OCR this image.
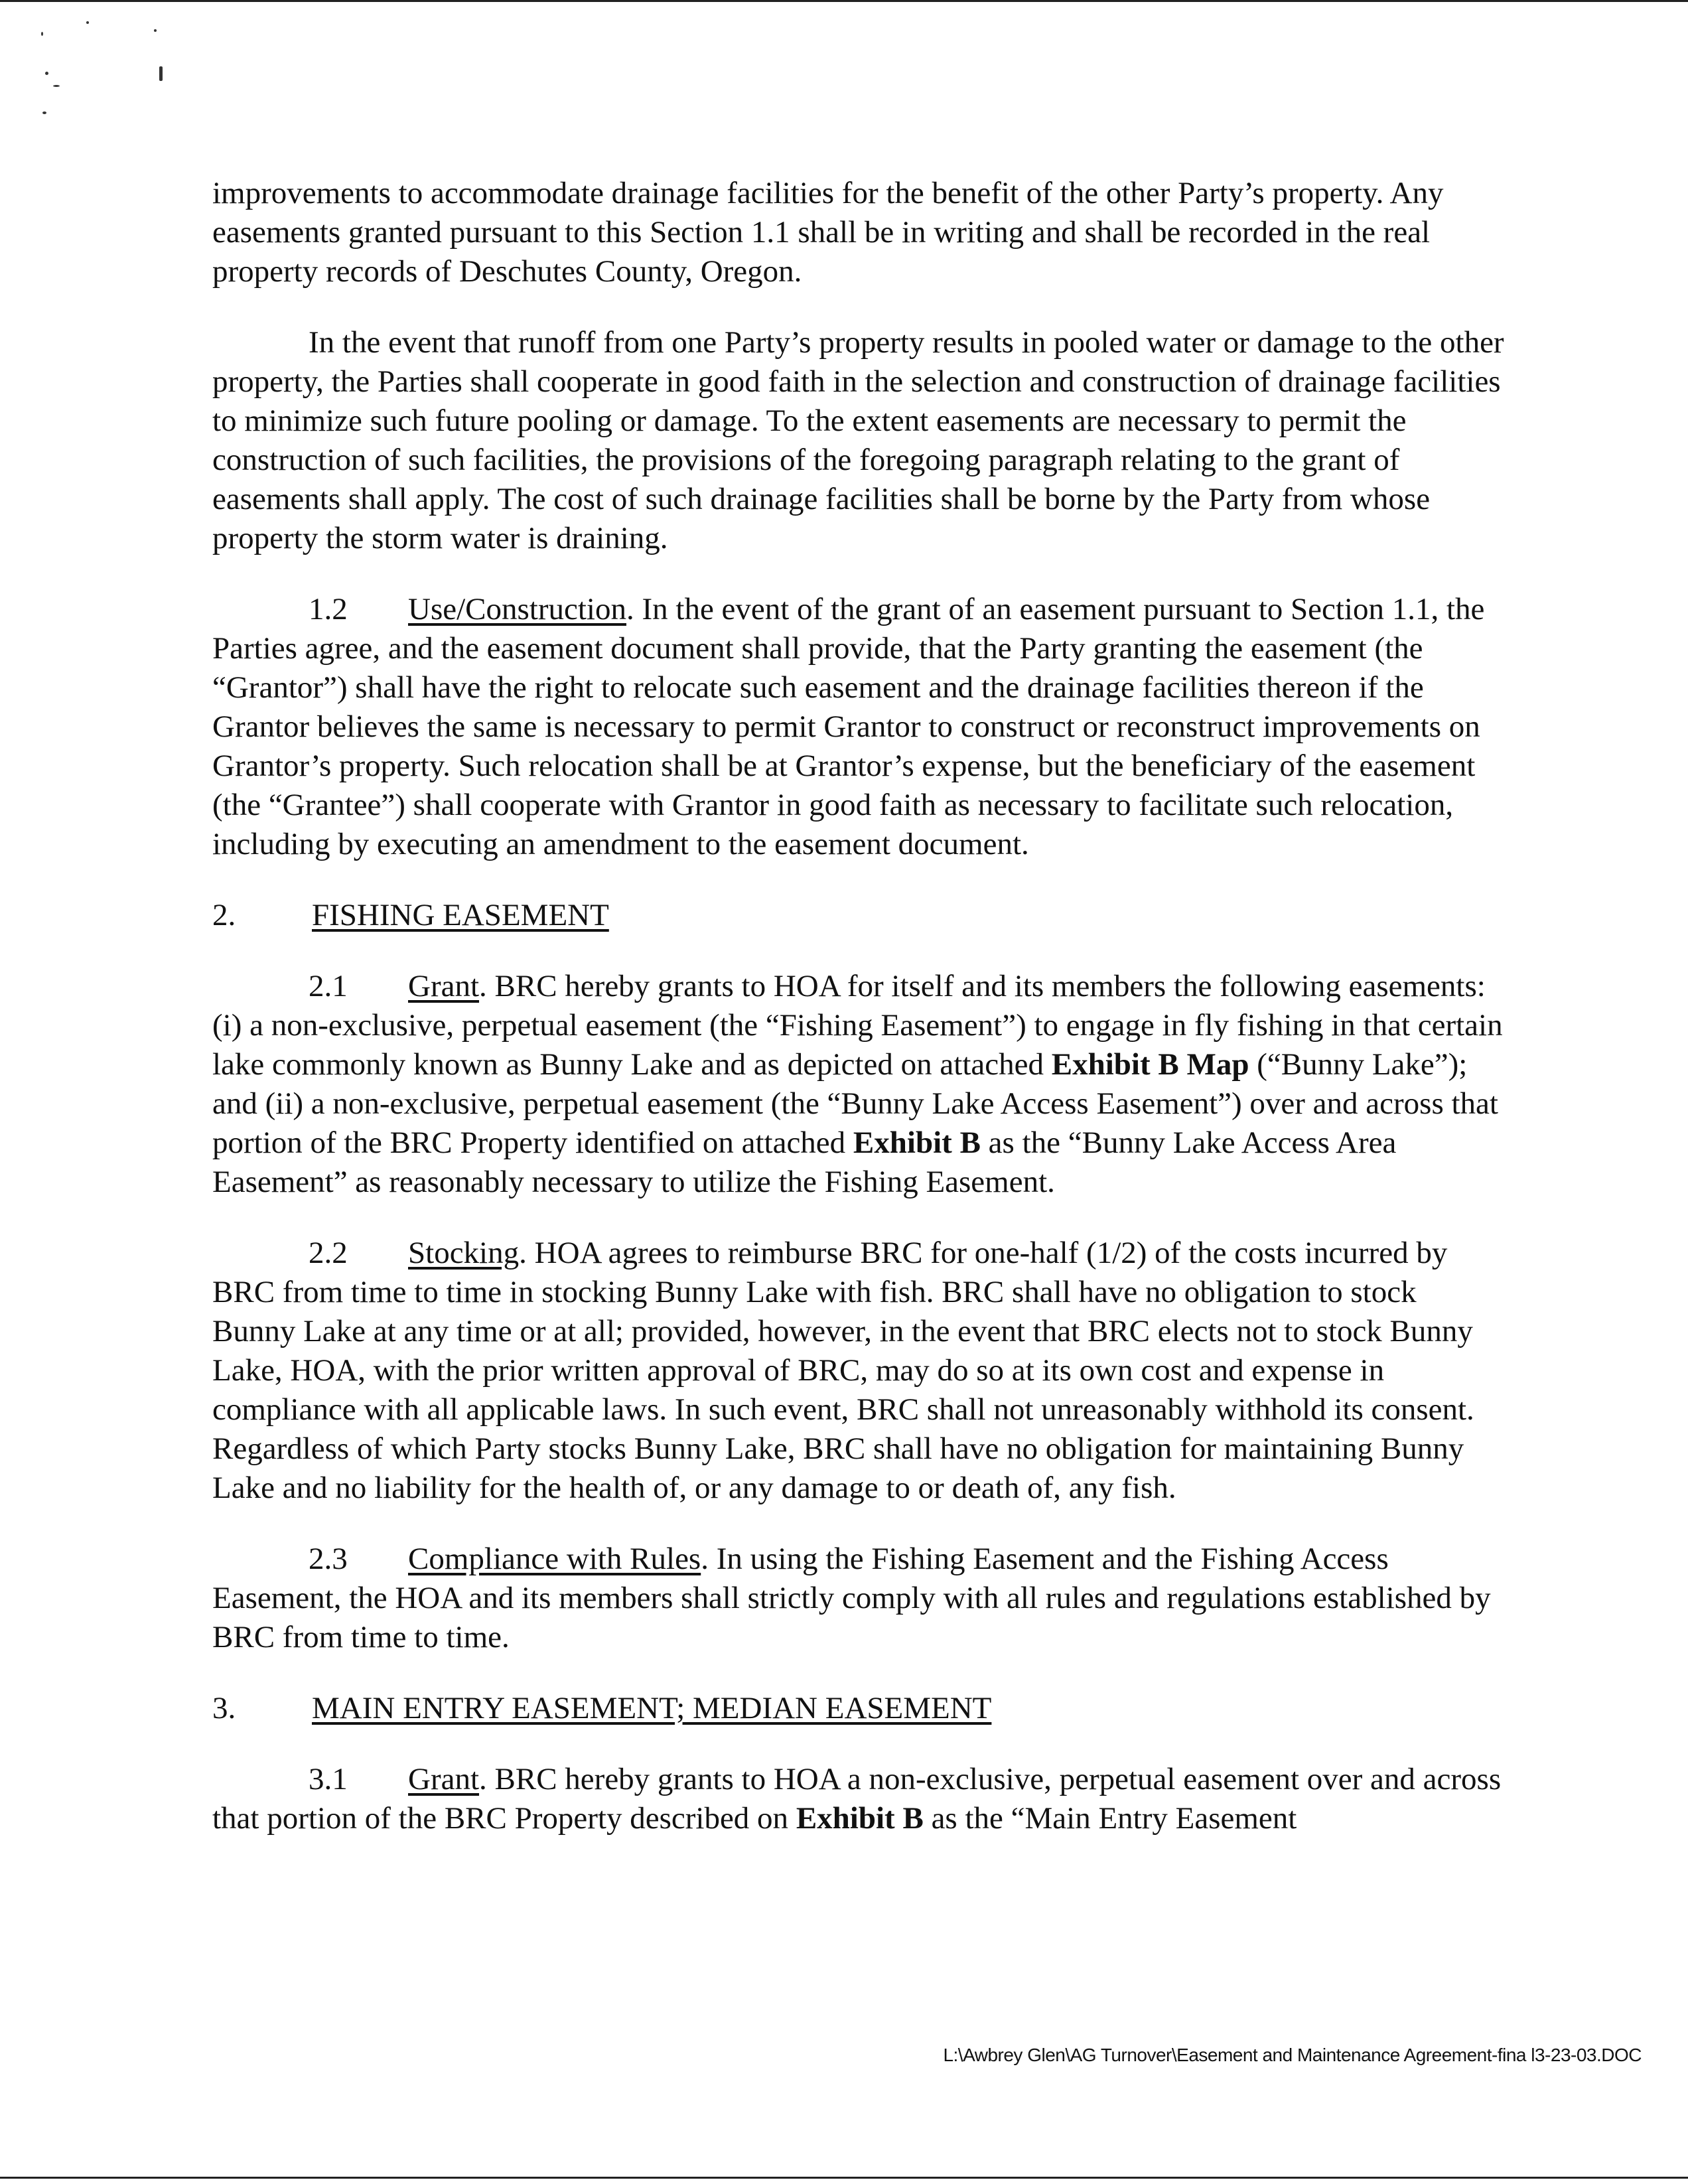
improvements to accommodate drainage facilities for the benefit of the other Party’s property. Any easements granted pursuant to this Section 1.1 shall be in writing and shall be recorded in the real property records of Deschutes County, Oregon.

In the event that runoff from one Party’s property results in pooled water or damage to the other property, the Parties shall cooperate in good faith in the selection and construction of drainage facilities to minimize such future pooling or damage. To the extent easements are necessary to permit the construction of such facilities, the provisions of the foregoing paragraph relating to the grant of easements shall apply. The cost of such drainage facilities shall be borne by the Party from whose property the storm water is draining.

1.2 Use/Construction. In the event of the grant of an easement pursuant to Section 1.1, the Parties agree, and the easement document shall provide, that the Party granting the easement (the “Grantor”) shall have the right to relocate such easement and the drainage facilities thereon if the Grantor believes the same is necessary to permit Grantor to construct or reconstruct improvements on Grantor’s property. Such relocation shall be at Grantor’s expense, but the beneficiary of the easement (the “Grantee”) shall cooperate with Grantor in good faith as necessary to facilitate such relocation, including by executing an amendment to the easement document.

2. FISHING EASEMENT

2.1 Grant. BRC hereby grants to HOA for itself and its members the following easements: (i) a non-exclusive, perpetual easement (the “Fishing Easement”) to engage in fly fishing in that certain lake commonly known as Bunny Lake and as depicted on attached Exhibit B Map (“Bunny Lake”); and (ii) a non-exclusive, perpetual easement (the “Bunny Lake Access Easement”) over and across that portion of the BRC Property identified on attached Exhibit B as the “Bunny Lake Access Area Easement” as reasonably necessary to utilize the Fishing Easement.

2.2 Stocking. HOA agrees to reimburse BRC for one-half (1/2) of the costs incurred by BRC from time to time in stocking Bunny Lake with fish. BRC shall have no obligation to stock Bunny Lake at any time or at all; provided, however, in the event that BRC elects not to stock Bunny Lake, HOA, with the prior written approval of BRC, may do so at its own cost and expense in compliance with all applicable laws. In such event, BRC shall not unreasonably withhold its consent. Regardless of which Party stocks Bunny Lake, BRC shall have no obligation for maintaining Bunny Lake and no liability for the health of, or any damage to or death of, any fish.

2.3 Compliance with Rules. In using the Fishing Easement and the Fishing Access Easement, the HOA and its members shall strictly comply with all rules and regulations established by BRC from time to time.

3. MAIN ENTRY EASEMENT; MEDIAN EASEMENT

3.1 Grant. BRC hereby grants to HOA a non-exclusive, perpetual easement over and across that portion of the BRC Property described on Exhibit B as the “Main Entry Easement

L:\Awbrey Glen\AG Turnover\Easement and Maintenance Agreement-fina l3-23-03.DOC
